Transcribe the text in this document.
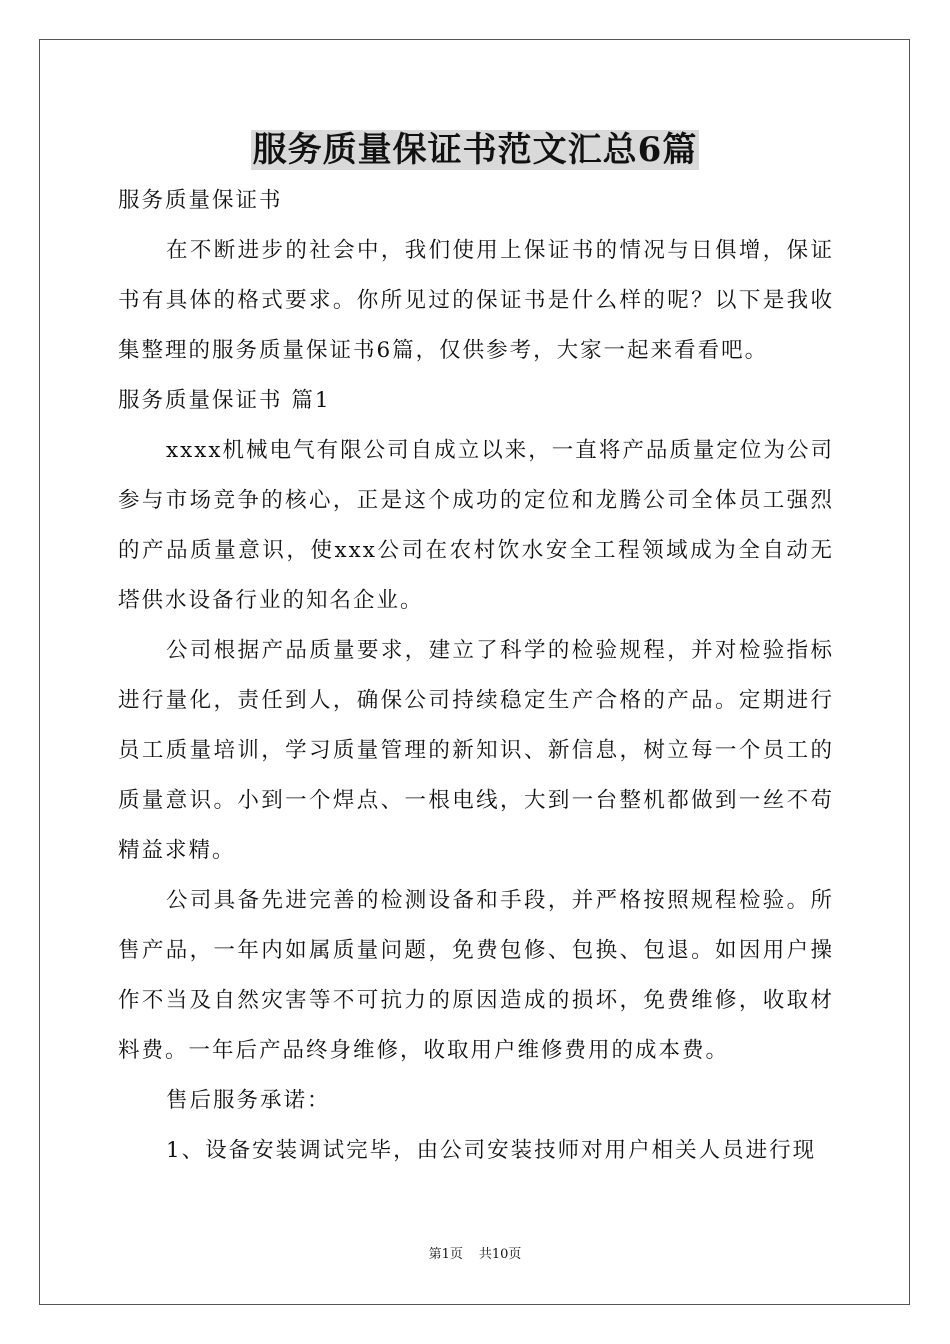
服务质量保证书范文汇总6篇

服务质量保证书

在不断进步的社会中，我们使用上保证书的情况与日俱增，保证书有具体的格式要求。你所见过的保证书是什么样的呢？以下是我收集整理的服务质量保证书6篇，仅供参考，大家一起来看看吧。

服务质量保证书 篇1

xxxx机械电气有限公司自成立以来，一直将产品质量定位为公司参与市场竞争的核心，正是这个成功的定位和龙腾公司全体员工强烈的产品质量意识，使xxx公司在农村饮水安全工程领域成为全自动无塔供水设备行业的知名企业。

公司根据产品质量要求，建立了科学的检验规程，并对检验指标进行量化，责任到人，确保公司持续稳定生产合格的产品。定期进行员工质量培训，学习质量管理的新知识、新信息，树立每一个员工的质量意识。小到一个焊点、一根电线，大到一台整机都做到一丝不苟精益求精。

公司具备先进完善的检测设备和手段，并严格按照规程检验。所售产品，一年内如属质量问题，免费包修、包换、包退。如因用户操作不当及自然灾害等不可抗力的原因造成的损坏，免费维修，收取材料费。一年后产品终身维修，收取用户维修费用的成本费。

售后服务承诺：

1、设备安装调试完毕，由公司安装技师对用户相关人员进行现

第1页 共10页
